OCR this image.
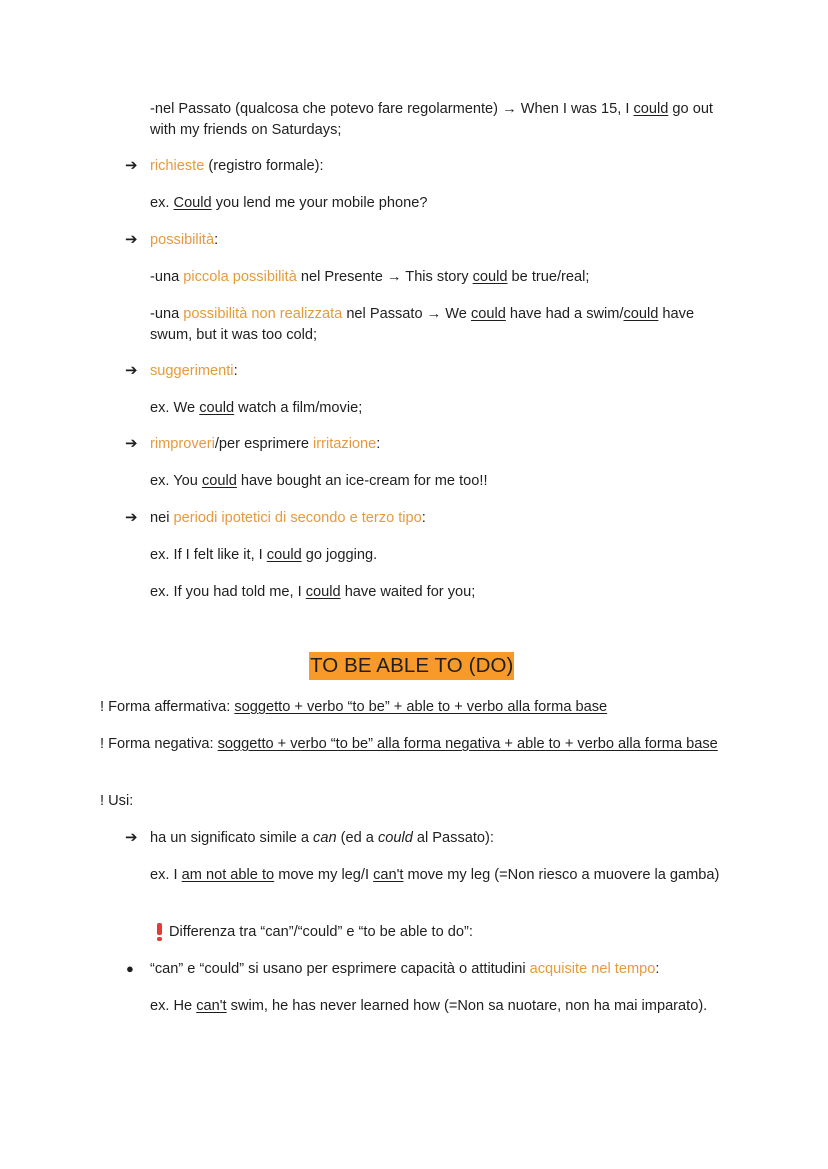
-nel Passato (qualcosa che potevo fare regolarmente) → When I was 15, I could go out with my friends on Saturdays;

➔ richieste (registro formale):

ex. Could you lend me your mobile phone?

➔ possibilità:

-una piccola possibilità nel Presente → This story could be true/real;

-una possibilità non realizzata nel Passato → We could have had a swim/could have swum, but it was too cold;

➔ suggerimenti:

ex. We could watch a film/movie;

➔ rimproveri/per esprimere irritazione:

ex. You could have bought an ice-cream for me too!!

➔ nei periodi ipotetici di secondo e terzo tipo:

ex. If I felt like it, I could go jogging.

ex. If you had told me, I could have waited for you;

TO BE ABLE TO (DO)

! Forma affermativa: soggetto + verbo “to be” + able to + verbo alla forma base

! Forma negativa: soggetto + verbo “to be” alla forma negativa + able to + verbo alla forma base

! Usi:

➔ ha un significato simile a can (ed a could al Passato):

ex. I am not able to move my leg/I can't move my leg (=Non riesco a muovere la gamba)

Differenza tra “can”/“could” e “to be able to do”:

● “can” e “could” si usano per esprimere capacità o attitudini acquisite nel tempo:

ex. He can't swim, he has never learned how (=Non sa nuotare, non ha mai imparato).
